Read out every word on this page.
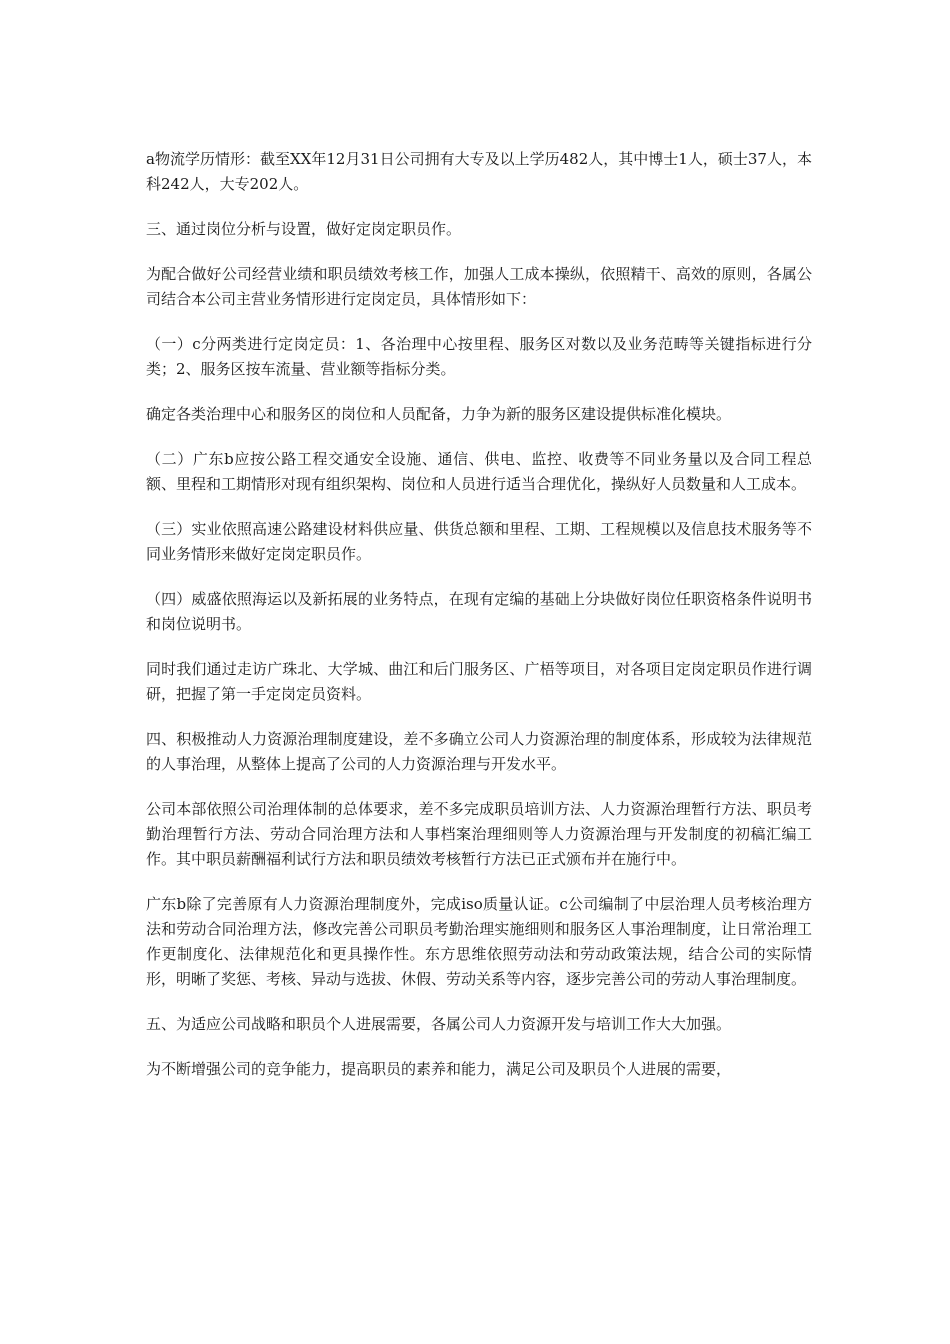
a物流学历情形：截至XX年12月31日公司拥有大专及以上学历482人，其中博士1人，硕士37人，本科242人，大专202人。

三、通过岗位分析与设置，做好定岗定职员作。

为配合做好公司经营业绩和职员绩效考核工作，加强人工成本操纵，依照精干、高效的原则，各属公司结合本公司主营业务情形进行定岗定员，具体情形如下：

（一）c分两类进行定岗定员：1、各治理中心按里程、服务区对数以及业务范畴等关键指标进行分类；2、服务区按车流量、营业额等指标分类。

确定各类治理中心和服务区的岗位和人员配备，力争为新的服务区建设提供标准化模块。

（二）广东b应按公路工程交通安全设施、通信、供电、监控、收费等不同业务量以及合同工程总额、里程和工期情形对现有组织架构、岗位和人员进行适当合理优化，操纵好人员数量和人工成本。

（三）实业依照高速公路建设材料供应量、供货总额和里程、工期、工程规模以及信息技术服务等不同业务情形来做好定岗定职员作。

（四）威盛依照海运以及新拓展的业务特点，在现有定编的基础上分块做好岗位任职资格条件说明书和岗位说明书。

同时我们通过走访广珠北、大学城、曲江和后门服务区、广梧等项目，对各项目定岗定职员作进行调研，把握了第一手定岗定员资料。

四、积极推动人力资源治理制度建设，差不多确立公司人力资源治理的制度体系，形成较为法律规范的人事治理，从整体上提高了公司的人力资源治理与开发水平。

公司本部依照公司治理体制的总体要求，差不多完成职员培训方法、人力资源治理暂行方法、职员考勤治理暂行方法、劳动合同治理方法和人事档案治理细则等人力资源治理与开发制度的初稿汇编工作。其中职员薪酬福利试行方法和职员绩效考核暂行方法已正式颁布并在施行中。

广东b除了完善原有人力资源治理制度外，完成iso质量认证。c公司编制了中层治理人员考核治理方法和劳动合同治理方法，修改完善公司职员考勤治理实施细则和服务区人事治理制度，让日常治理工作更制度化、法律规范化和更具操作性。东方思维依照劳动法和劳动政策法规，结合公司的实际情形，明晰了奖惩、考核、异动与选拔、休假、劳动关系等内容，逐步完善公司的劳动人事治理制度。

五、为适应公司战略和职员个人进展需要，各属公司人力资源开发与培训工作大大加强。

为不断增强公司的竞争能力，提高职员的素养和能力，满足公司及职员个人进展的需要，
